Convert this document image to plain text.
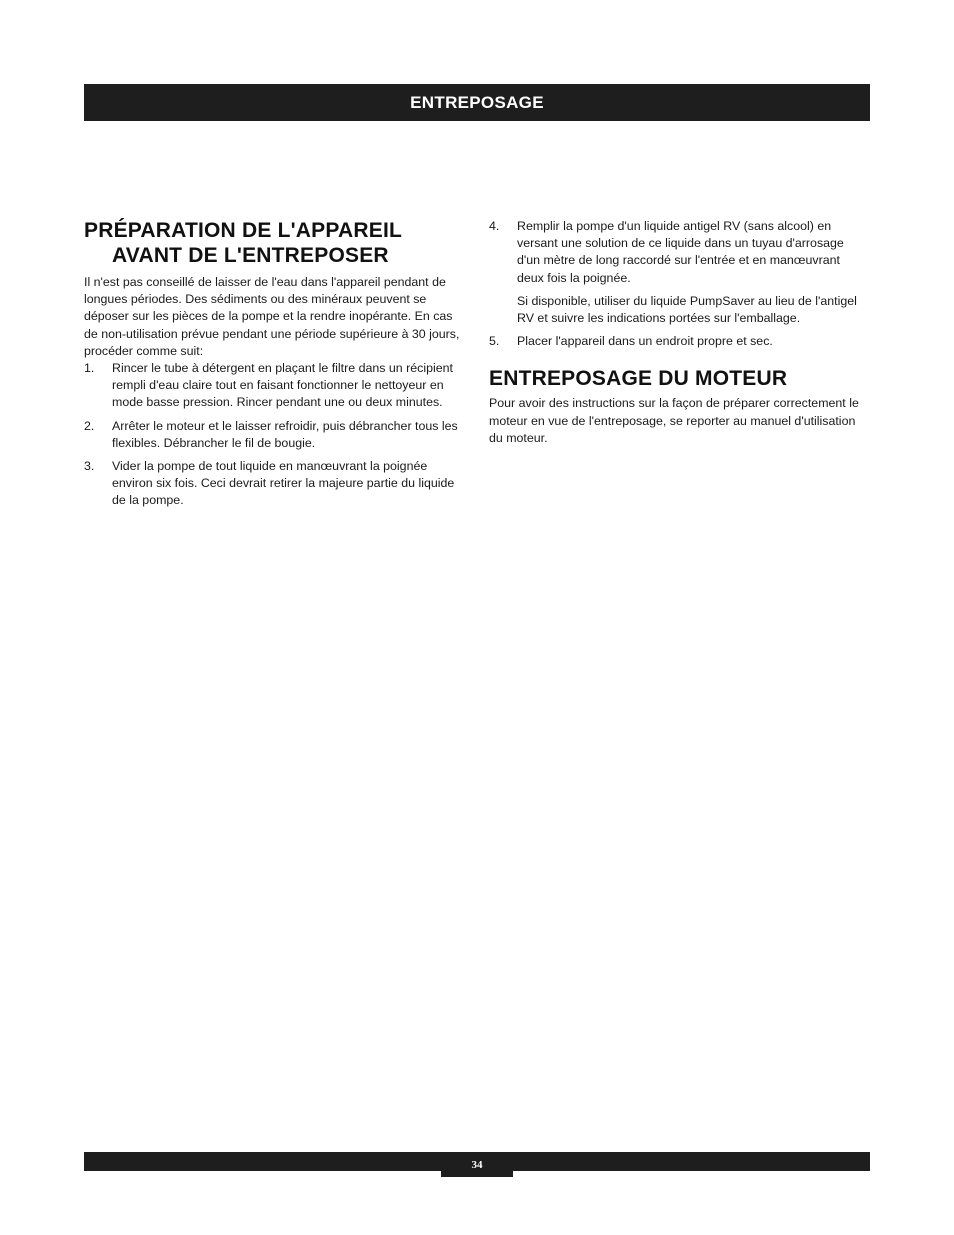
ENTREPOSAGE
PRÉPARATION DE L'APPAREIL
AVANT DE L'ENTREPOSER

Il n'est pas conseillé de laisser de l'eau dans l'appareil pendant de longues périodes. Des sédiments ou des minéraux peuvent se déposer sur les pièces de la pompe et la rendre inopérante. En cas de non-utilisation prévue pendant une période supérieure à 30 jours, procéder comme suit:

1. Rincer le tube à détergent en plaçant le filtre dans un récipient rempli d'eau claire tout en faisant fonctionner le nettoyeur en mode basse pression. Rincer pendant une ou deux minutes.
2. Arrêter le moteur et le laisser refroidir, puis débrancher tous les flexibles. Débrancher le fil de bougie.
3. Vider la pompe de tout liquide en manœuvrant la poignée environ six fois. Ceci devrait retirer la majeure partie du liquide de la pompe.
4. Remplir la pompe d'un liquide antigel RV (sans alcool) en versant une solution de ce liquide dans un tuyau d'arrosage d'un mètre de long raccordé sur l'entrée et en manœuvrant deux fois la poignée.
Si disponible, utiliser du liquide PumpSaver au lieu de l'antigel RV et suivre les indications portées sur l'emballage.
5. Placer l'appareil dans un endroit propre et sec.
ENTREPOSAGE DU MOTEUR

Pour avoir des instructions sur la façon de préparer correctement le moteur en vue de l'entreposage, se reporter au manuel d'utilisation du moteur.

34
